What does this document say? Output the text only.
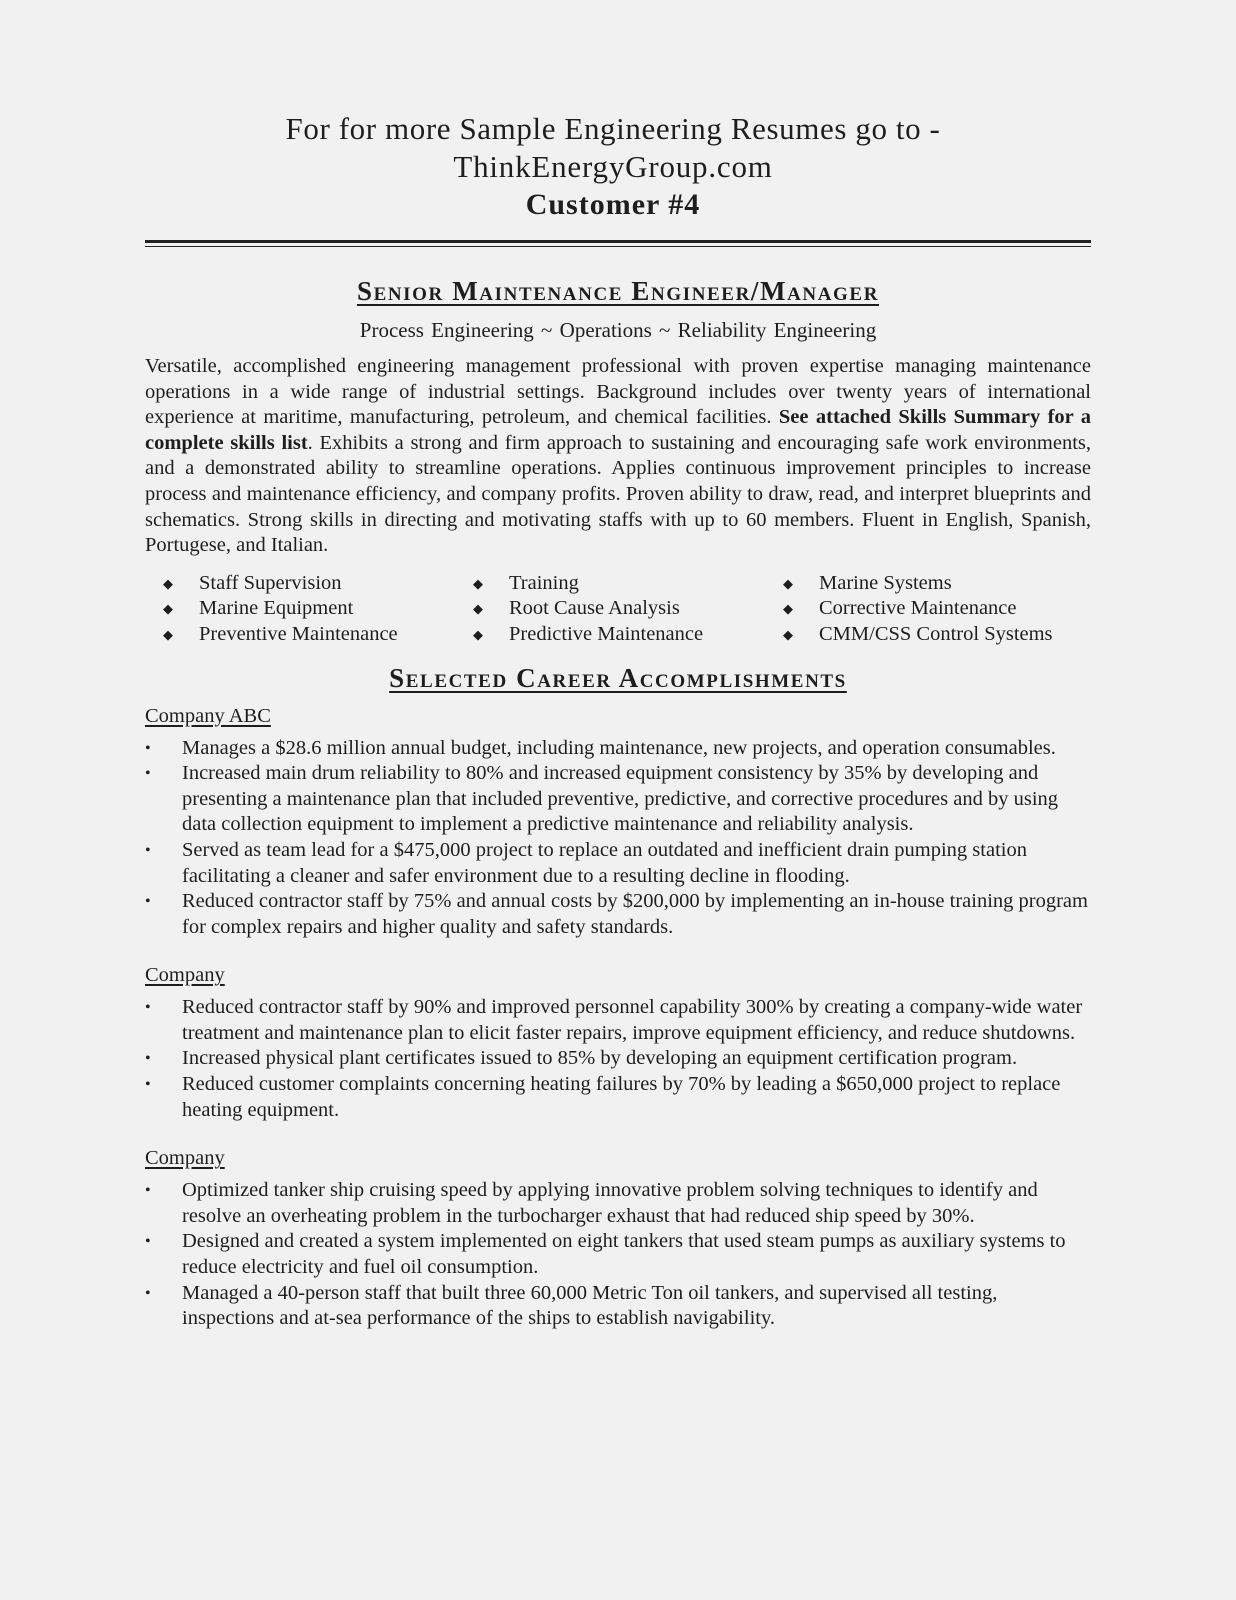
For for more Sample Engineering Resumes go to -
ThinkEnergyGroup.com
Customer #4
Senior Maintenance Engineer/Manager
Process Engineering ~ Operations ~ Reliability Engineering
Versatile, accomplished engineering management professional with proven expertise managing maintenance operations in a wide range of industrial settings. Background includes over twenty years of international experience at maritime, manufacturing, petroleum, and chemical facilities. See attached Skills Summary for a complete skills list. Exhibits a strong and firm approach to sustaining and encouraging safe work environments, and a demonstrated ability to streamline operations. Applies continuous improvement principles to increase process and maintenance efficiency, and company profits. Proven ability to draw, read, and interpret blueprints and schematics. Strong skills in directing and motivating staffs with up to 60 members. Fluent in English, Spanish, Portugese, and Italian.
◆	Staff Supervision	◆	Training	◆	Marine Systems
◆	Marine Equipment	◆	Root Cause Analysis	◆	Corrective Maintenance
◆	Preventive Maintenance	◆	Predictive Maintenance	◆	CMM/CSS Control Systems
Selected Career Accomplishments
Company ABC
•	Manages a $28.6 million annual budget, including maintenance, new projects, and operation consumables.
•	Increased main drum reliability to 80% and increased equipment consistency by 35% by developing and presenting a maintenance plan that included preventive, predictive, and corrective procedures and by using data collection equipment to implement a predictive maintenance and reliability analysis.
•	Served as team lead for a $475,000 project to replace an outdated and inefficient drain pumping station facilitating a cleaner and safer environment due to a resulting decline in flooding.
•	Reduced contractor staff by 75% and annual costs by $200,000 by implementing an in-house training program for complex repairs and higher quality and safety standards.
Company
•	Reduced contractor staff by 90% and improved personnel capability 300% by creating a company-wide water treatment and maintenance plan to elicit faster repairs, improve equipment efficiency, and reduce shutdowns.
•	Increased physical plant certificates issued to 85% by developing an equipment certification program.
•	Reduced customer complaints concerning heating failures by 70% by leading a $650,000 project to replace heating equipment.
Company
•	Optimized tanker ship cruising speed by applying innovative problem solving techniques to identify and resolve an overheating problem in the turbocharger exhaust that had reduced ship speed by 30%.
•	Designed and created a system implemented on eight tankers that used steam pumps as auxiliary systems to reduce electricity and fuel oil consumption.
•	Managed a 40-person staff that built three 60,000 Metric Ton oil tankers, and supervised all testing, inspections and at-sea performance of the ships to establish navigability.
